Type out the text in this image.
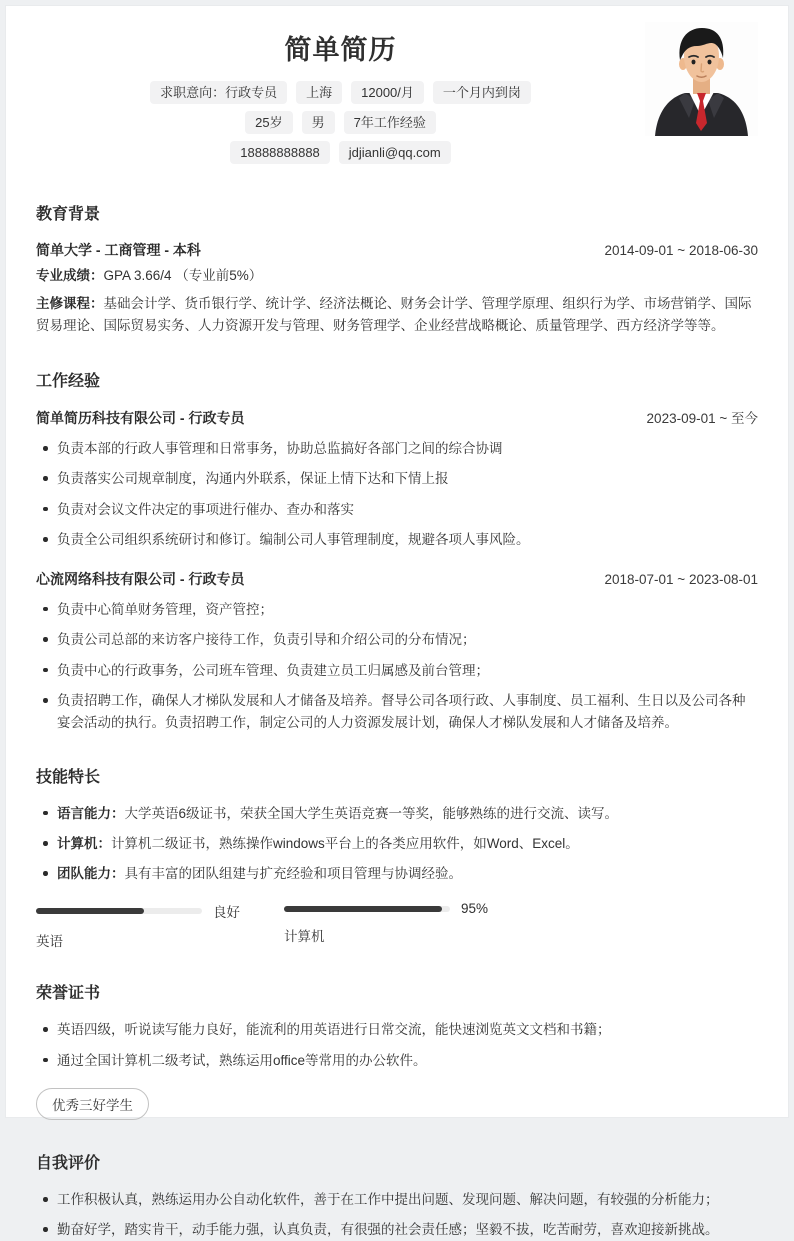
简单简历
求职意向：行政专员	上海	12000/月	一个月内到岗
25岁	男	7年工作经验
18888888888	jdjianli@qq.com
教育背景
简单大学 - 工商管理 - 本科	2014-09-01 ~ 2018-06-30

专业成绩：GPA 3.66/4 （专业前5%）

主修课程：基础会计学、货币银行学、统计学、经济法概论、财务会计学、管理学原理、组织行为学、市场营销学、国际贸易理论、国际贸易实务、人力资源开发与管理、财务管理学、企业经营战略概论、质量管理学、西方经济学等等。

工作经验
简单简历科技有限公司 - 行政专员	2023-09-01 ~ 至今
负责本部的行政人事管理和日常事务，协助总监搞好各部门之间的综合协调
负责落实公司规章制度，沟通内外联系，保证上情下达和下情上报
负责对会议文件决定的事项进行催办、查办和落实
负责全公司组织系统研讨和修订。编制公司人事管理制度，规避各项人事风险。
心流网络科技有限公司 - 行政专员	2018-07-01 ~ 2023-08-01
负责中心简单财务管理，资产管控；
负责公司总部的来访客户接待工作，负责引导和介绍公司的分布情况；
负责中心的行政事务，公司班车管理、负责建立员工归属感及前台管理；
负责招聘工作，确保人才梯队发展和人才储备及培养。督导公司各项行政、人事制度、员工福利、生日以及公司各种宴会活动的执行。负责招聘工作，制定公司的人力资源发展计划，确保人才梯队发展和人才储备及培养。
技能特长
语言能力：大学英语6级证书，荣获全国大学生英语竞赛一等奖，能够熟练的进行交流、读写。
计算机：计算机二级证书，熟练操作windows平台上的各类应用软件，如Word、Excel。
团队能力：具有丰富的团队组建与扩充经验和项目管理与协调经验。
良好
英语
95%
计算机
荣誉证书
英语四级，听说读写能力良好，能流利的用英语进行日常交流，能快速浏览英文文档和书籍；
通过全国计算机二级考试，熟练运用office等常用的办公软件。
优秀三好学生
自我评价
工作积极认真，熟练运用办公自动化软件，善于在工作中提出问题、发现问题、解决问题，有较强的分析能力；
勤奋好学，踏实肯干，动手能力强，认真负责，有很强的社会责任感；坚毅不拔，吃苦耐劳，喜欢迎接新挑战。
